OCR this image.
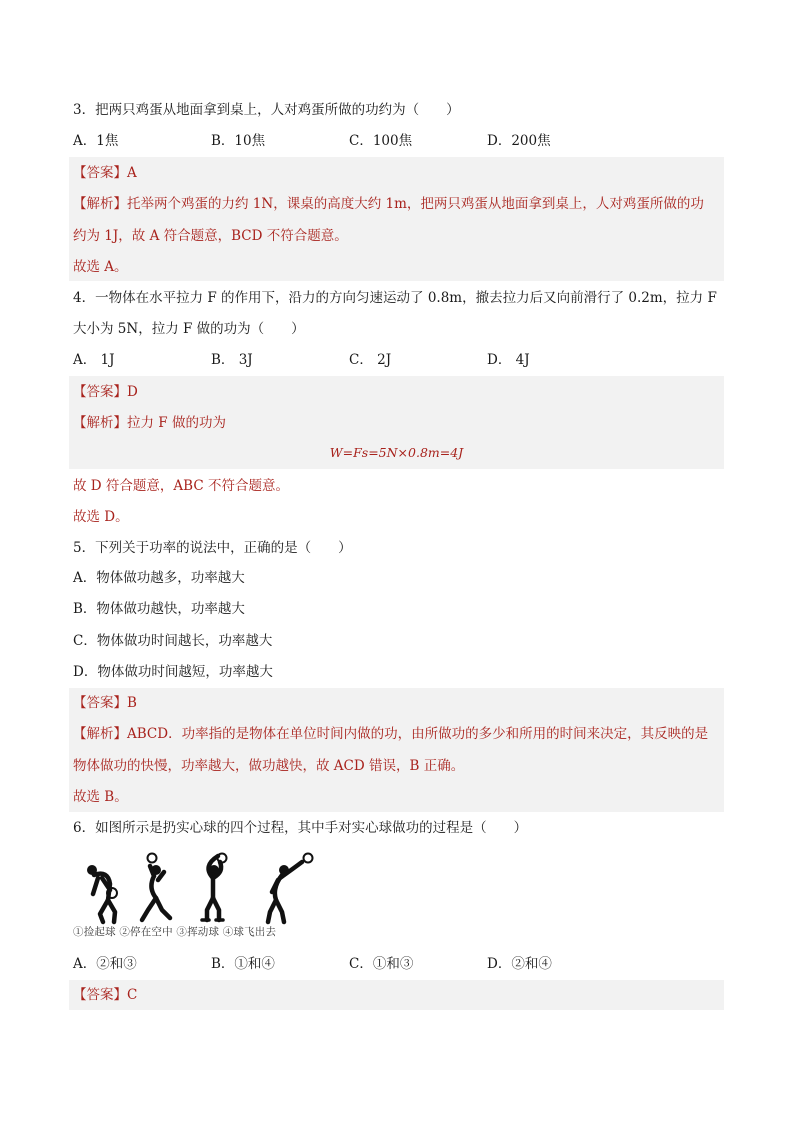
3．把两只鸡蛋从地面拿到桌上，人对鸡蛋所做的功约为（　　）
A．1焦	B．10焦	C．100焦	D．200焦
【答案】A
【解析】托举两个鸡蛋的力约 1N，课桌的高度大约 1m，把两只鸡蛋从地面拿到桌上，人对鸡蛋所做的功
约为 1J，故 A 符合题意，BCD 不符合题意。
故选 A。
4．一物体在水平拉力 F 的作用下，沿力的方向匀速运动了 0.8m，撤去拉力后又向前滑行了 0.2m，拉力 F
大小为 5N，拉力 F 做的功为（　　）
A． 1J	B． 3J	C． 2J	D． 4J
【答案】D
【解析】拉力 F 做的功为
W=Fs=5N×0.8m=4J
故 D 符合题意，ABC 不符合题意。
故选 D。
5．下列关于功率的说法中，正确的是（　　）
A．物体做功越多，功率越大
B．物体做功越快，功率越大
C．物体做功时间越长，功率越大
D．物体做功时间越短，功率越大
【答案】B
【解析】ABCD．功率指的是物体在单位时间内做的功，由所做功的多少和所用的时间来决定，其反映的是
物体做功的快慢，功率越大，做功越快，故 ACD 错误，B 正确。
故选 B。
6．如图所示是扔实心球的四个过程，其中手对实心球做功的过程是（　　）
①捡起球 ②停在空中 ③挥动球 ④球飞出去
A．②和③	B．①和④	C．①和③	D．②和④
【答案】C
